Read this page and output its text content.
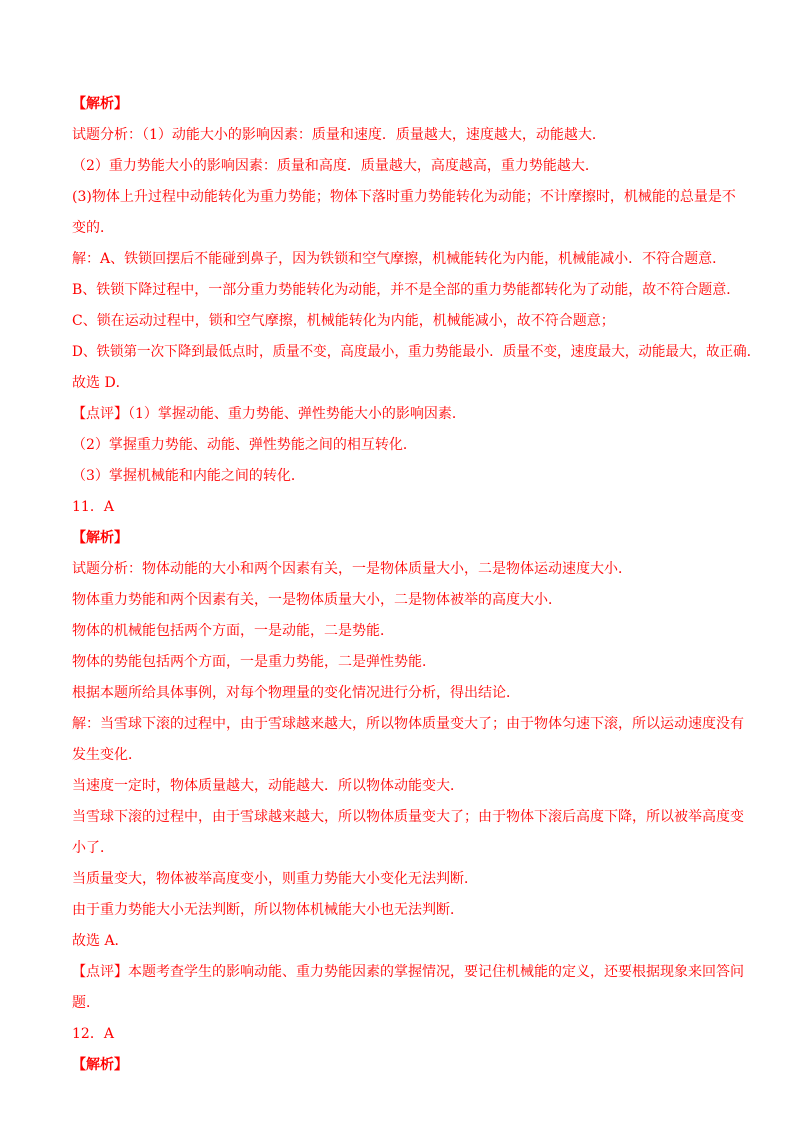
【解析】
试题分析：（1）动能大小的影响因素：质量和速度．质量越大，速度越大，动能越大．
（2）重力势能大小的影响因素：质量和高度．质量越大，高度越高，重力势能越大．
(3)物体上升过程中动能转化为重力势能；物体下落时重力势能转化为动能；不计摩擦时，机械能的总量是不
变的．
解：A、铁锁回摆后不能碰到鼻子，因为铁锁和空气摩擦，机械能转化为内能，机械能减小．不符合题意．
B、铁锁下降过程中，一部分重力势能转化为动能，并不是全部的重力势能都转化为了动能，故不符合题意．
C、锁在运动过程中，锁和空气摩擦，机械能转化为内能，机械能减小，故不符合题意；
D、铁锁第一次下降到最低点时，质量不变，高度最小，重力势能最小．质量不变，速度最大，动能最大，故正确．
故选 D．
【点评】（1）掌握动能、重力势能、弹性势能大小的影响因素．
（2）掌握重力势能、动能、弹性势能之间的相互转化．
（3）掌握机械能和内能之间的转化．
11．A
【解析】
试题分析：物体动能的大小和两个因素有关，一是物体质量大小，二是物体运动速度大小．
物体重力势能和两个因素有关，一是物体质量大小，二是物体被举的高度大小．
物体的机械能包括两个方面，一是动能，二是势能．
物体的势能包括两个方面，一是重力势能，二是弹性势能．
根据本题所给具体事例，对每个物理量的变化情况进行分析，得出结论．
解：当雪球下滚的过程中，由于雪球越来越大，所以物体质量变大了；由于物体匀速下滚，所以运动速度没有
发生变化．
当速度一定时，物体质量越大，动能越大．所以物体动能变大．
当雪球下滚的过程中，由于雪球越来越大，所以物体质量变大了；由于物体下滚后高度下降，所以被举高度变
小了．
当质量变大，物体被举高度变小，则重力势能大小变化无法判断．
由于重力势能大小无法判断，所以物体机械能大小也无法判断．
故选 A．
【点评】本题考查学生的影响动能、重力势能因素的掌握情况，要记住机械能的定义，还要根据现象来回答问
题．
12．A
【解析】
